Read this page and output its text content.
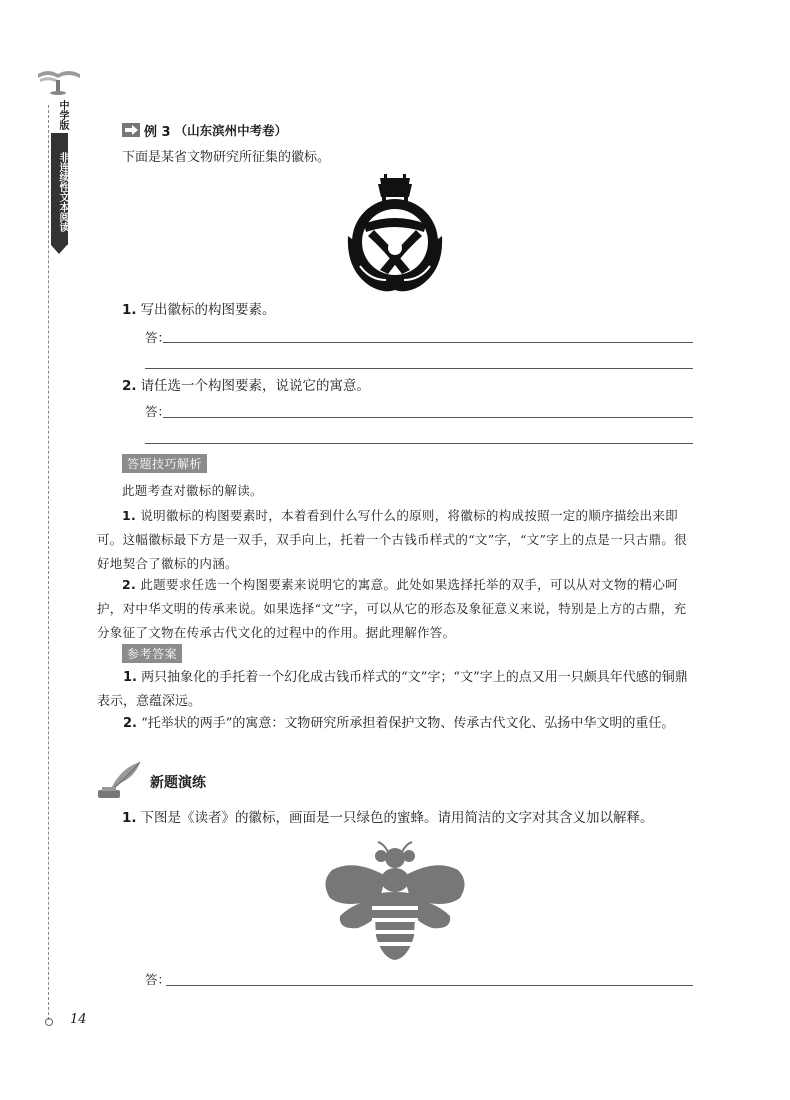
中学版
非连续性文本阅读
例 3 （山东滨州中考卷）
下面是某省文物研究所征集的徽标。
1. 写出徽标的构图要素。
答：
2. 请任选一个构图要素，说说它的寓意。
答：
答题技巧解析
此题考查对徽标的解读。
1. 说明徽标的构图要素时，本着看到什么写什么的原则，将徽标的构成按照一定的顺序描绘出来即可。这幅徽标最下方是一双手，双手向上，托着一个古钱币样式的“文”字，“文”字上的点是一只古鼎。很好地契合了徽标的内涵。
2. 此题要求任选一个构图要素来说明它的寓意。此处如果选择托举的双手，可以从对文物的精心呵护，对中华文明的传承来说。如果选择“文”字，可以从它的形态及象征意义来说，特别是上方的古鼎，充分象征了文物在传承古代文化的过程中的作用。据此理解作答。
参考答案
1. 两只抽象化的手托着一个幻化成古钱币样式的“文”字；“文”字上的点又用一只颇具年代感的铜鼎表示，意蕴深远。
2. “托举状的两手”的寓意：文物研究所承担着保护文物、传承古代文化、弘扬中华文明的重任。
新题演练
1. 下图是《读者》的徽标，画面是一只绿色的蜜蜂。请用简洁的文字对其含义加以解释。
答：
14
